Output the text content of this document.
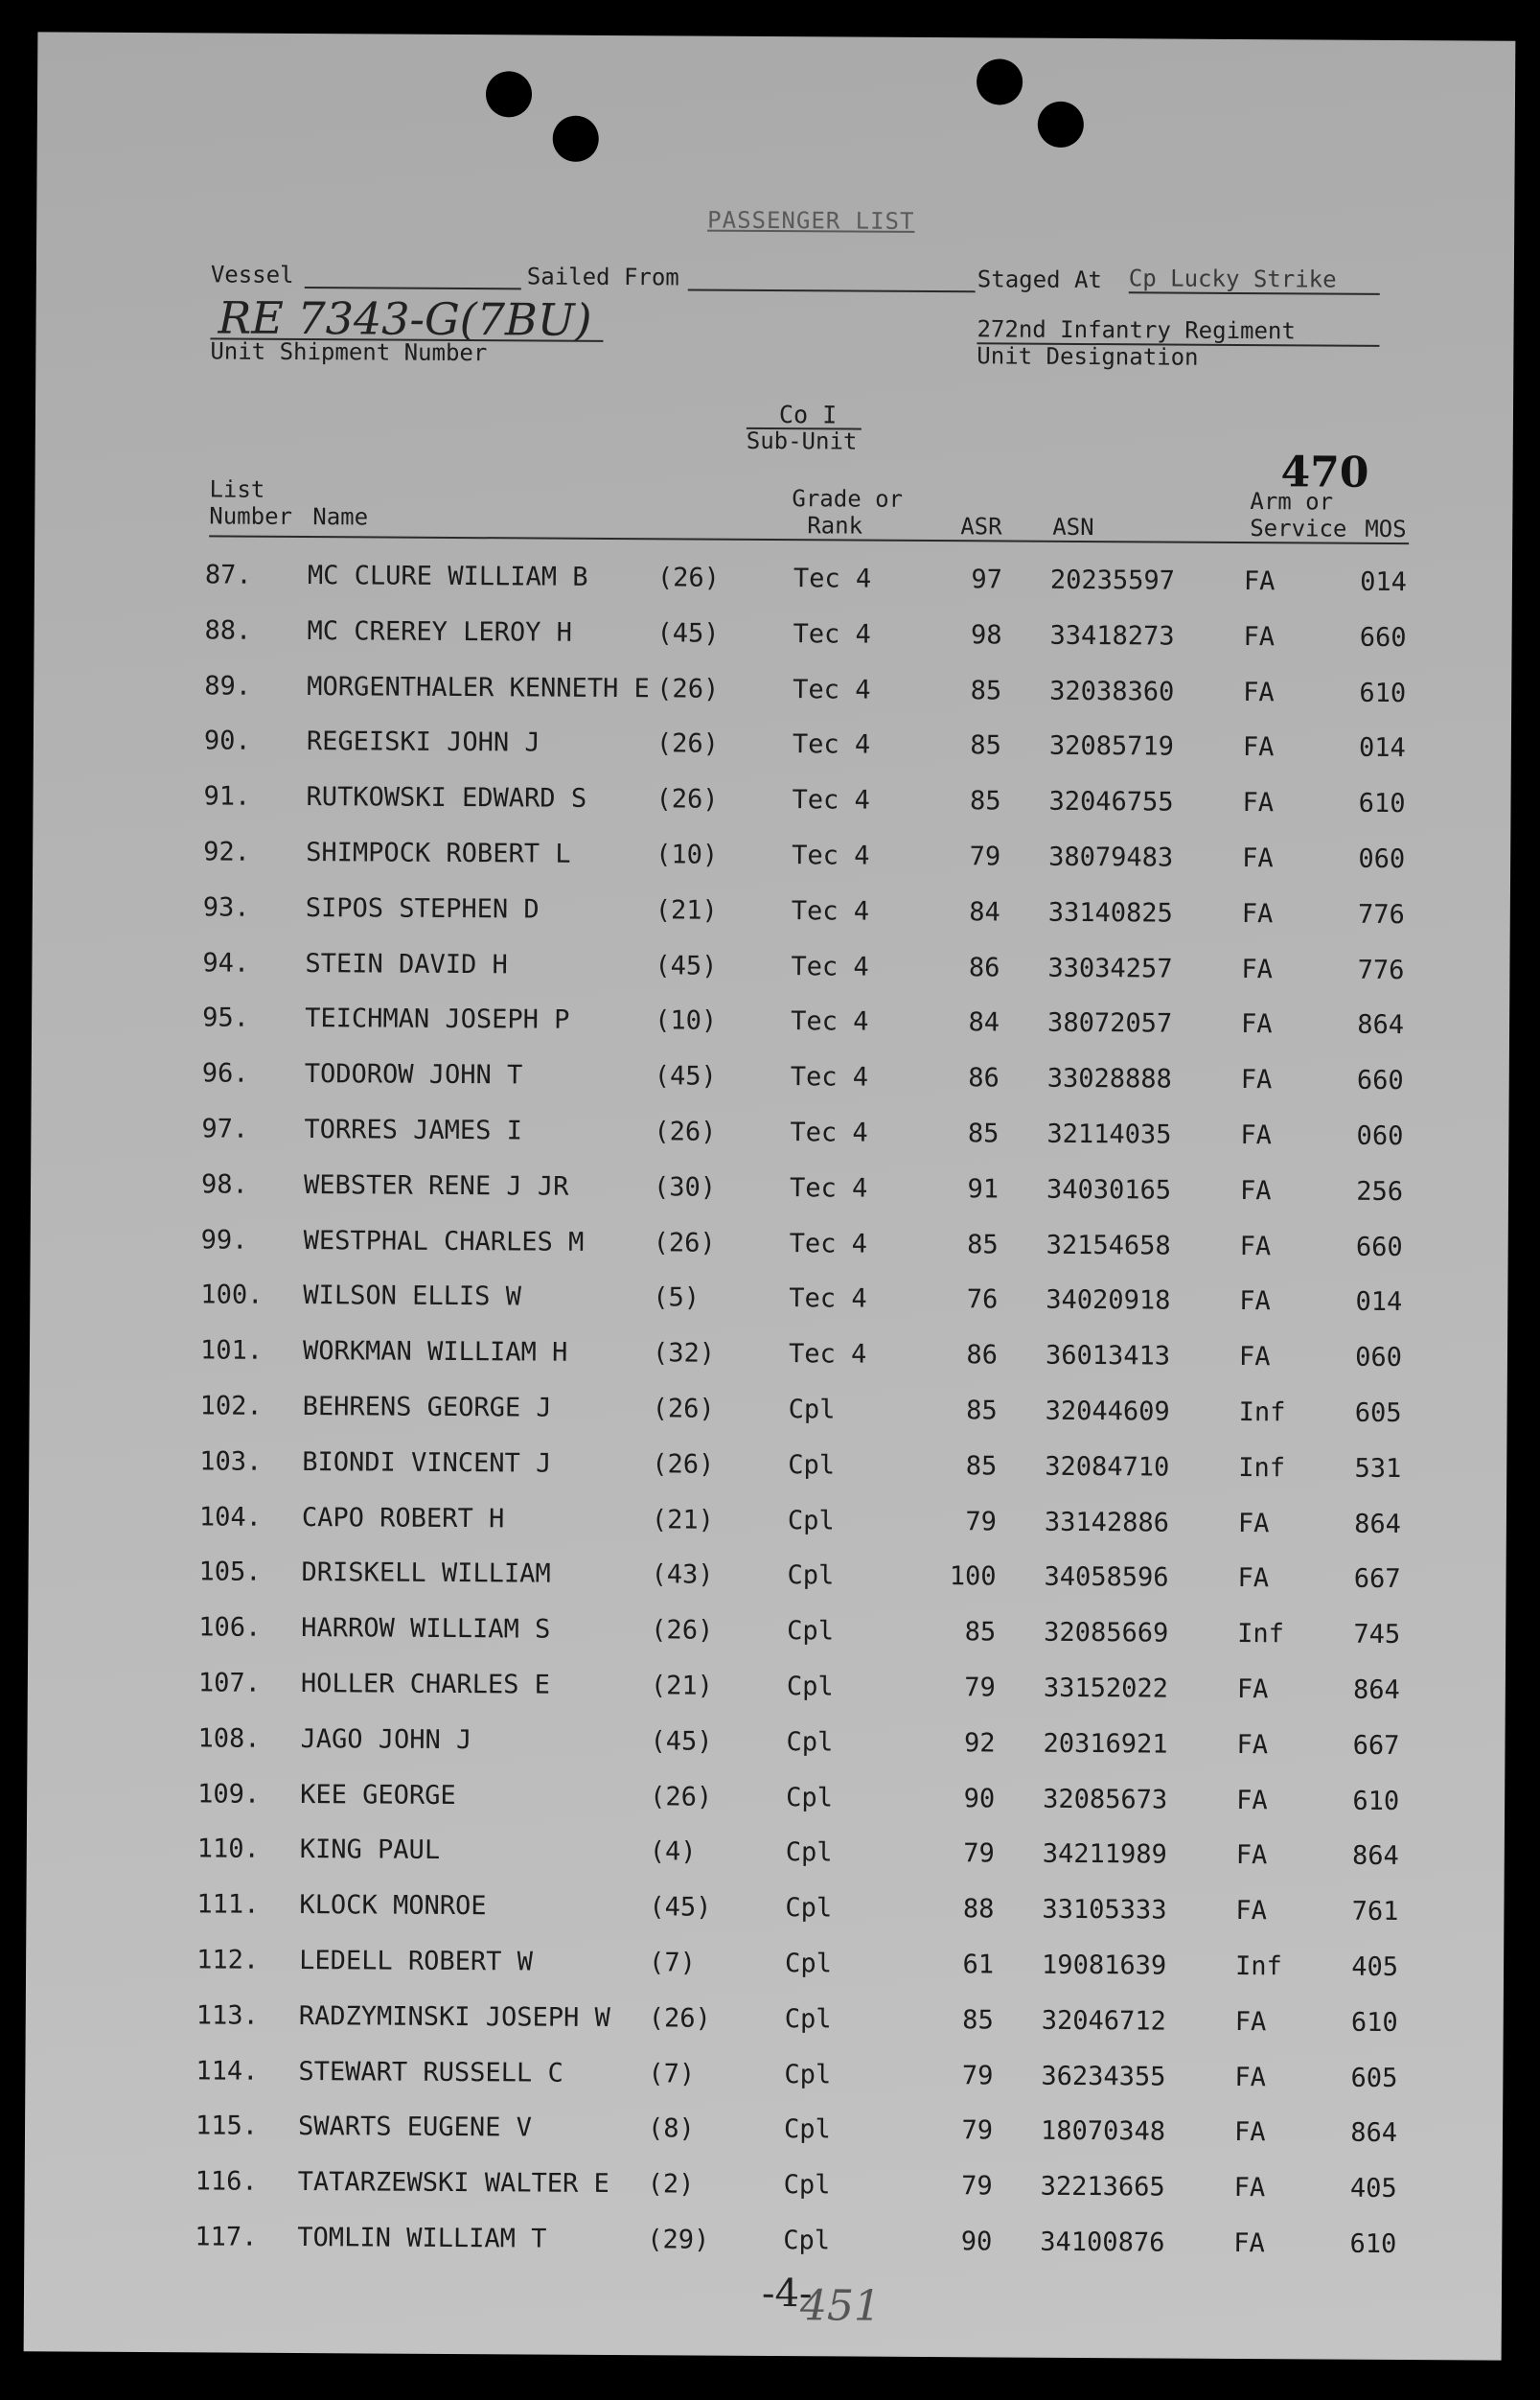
PASSENGER LIST
Vessel	Sailed From	Staged At Cp Lucky Strike
RE 7343-G(7BU)
Unit Shipment Number
272nd Infantry Regiment
Unit Designation
Co I
Sub-Unit
470
List
Number Name
Grade or
Rank	ASR ASN
Arm or
Service MOS
87. MC CLURE WILLIAM B	(26)	Tec 4	97 20235597	FA	014
88. MC CREREY LEROY H	(45)	Tec 4	98 33418273	FA	660
89. MORGENTHALER KENNETH E (26)	Tec 4	85 32038360	FA	610
90. REGEISKI JOHN J	(26)	Tec 4	85 32085719	FA	014
91. RUTKOWSKI EDWARD S	(26)	Tec 4	85 32046755	FA	610
92. SHIMPOCK ROBERT L	(10)	Tec 4	79 38079483	FA	060
93. SIPOS STEPHEN D	(21)	Tec 4	84 33140825	FA	776
94. STEIN DAVID H	(45)	Tec 4	86 33034257	FA	776
95. TEICHMAN JOSEPH P	(10)	Tec 4	84 38072057	FA	864
96. TODOROW JOHN T	(45)	Tec 4	86 33028888	FA	660
97. TORRES JAMES I	(26)	Tec 4	85 32114035	FA	060
98. WEBSTER RENE J JR	(30)	Tec 4	91 34030165	FA	256
99. WESTPHAL CHARLES M	(26)	Tec 4	85 32154658	FA	660
100. WILSON ELLIS W	(5)	Tec 4	76 34020918	FA	014
101. WORKMAN WILLIAM H	(32)	Tec 4	86 36013413	FA	060
102. BEHRENS GEORGE J	(26)	Cpl	85 32044609	Inf	605
103. BIONDI VINCENT J	(26)	Cpl	85 32084710	Inf	531
104. CAPO ROBERT H	(21)	Cpl	79 33142886	FA	864
105. DRISKELL WILLIAM	(43)	Cpl	100 34058596	FA	667
106. HARROW WILLIAM S	(26)	Cpl	85 32085669	Inf	745
107. HOLLER CHARLES E	(21)	Cpl	79 33152022	FA	864
108. JAGO JOHN J	(45)	Cpl	92 20316921	FA	667
109. KEE GEORGE	(26)	Cpl	90 32085673	FA	610
110. KING PAUL	(4)	Cpl	79 34211989	FA	864
111. KLOCK MONROE	(45)	Cpl	88 33105333	FA	761
112. LEDELL ROBERT W	(7)	Cpl	61 19081639	Inf	405
113. RADZYMINSKI JOSEPH W (26)	Cpl	85 32046712	FA	610
114. STEWART RUSSELL C	(7)	Cpl	79 36234355	FA	605
115. SWARTS EUGENE V	(8)	Cpl	79 18070348	FA	864
116. TATARZEWSKI WALTER E (2)	Cpl	79 32213665	FA	405
117. TOMLIN WILLIAM T	(29)	Cpl	90 34100876	FA	610
-4-
451
